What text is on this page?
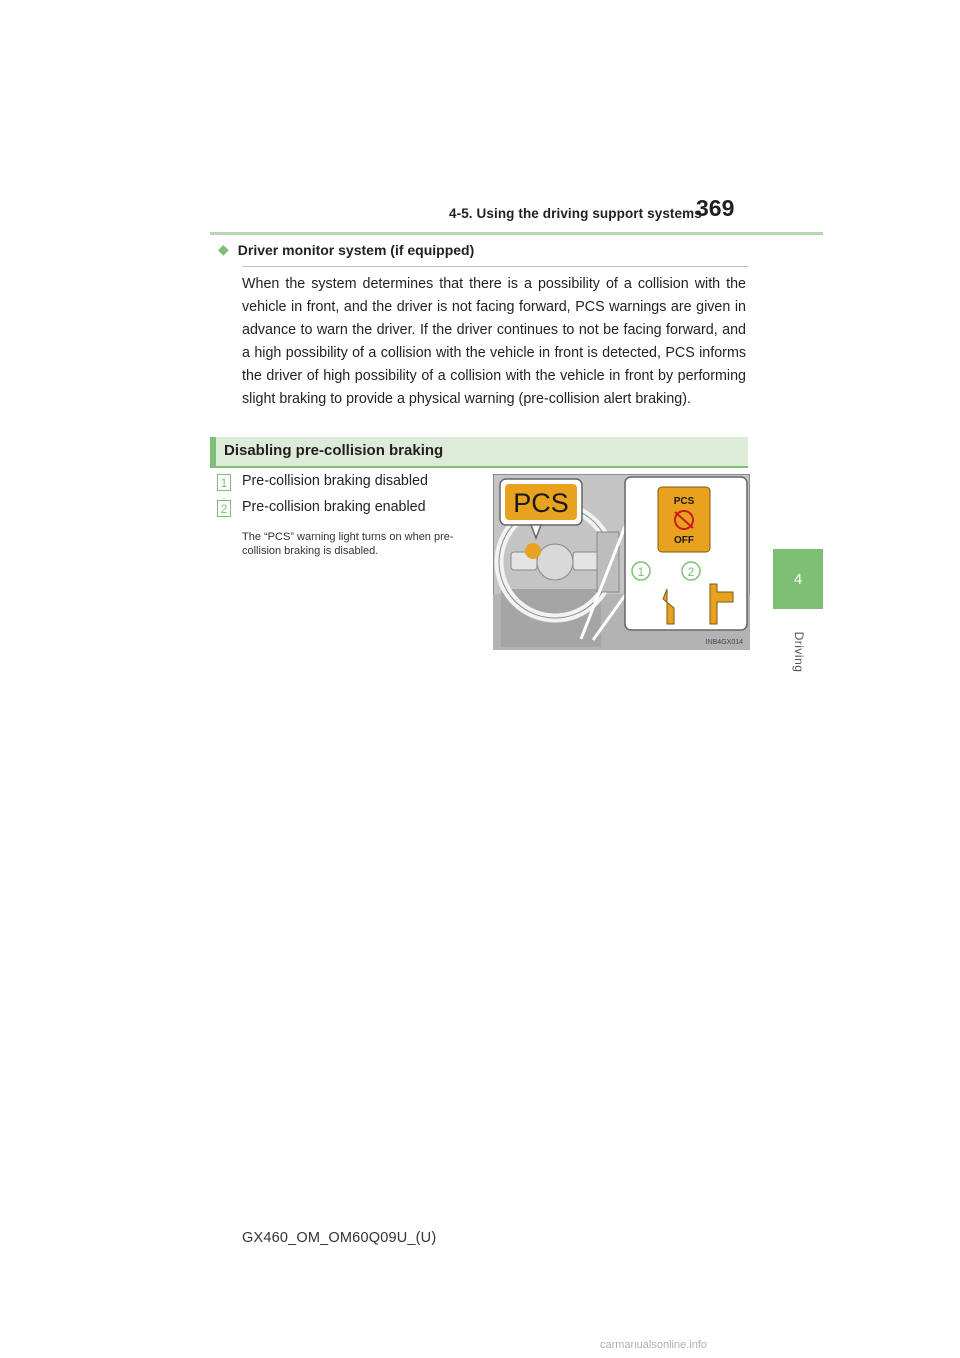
4-5. Using the driving support systems
369
4
Driving
◆ Driver monitor system (if equipped)
When the system determines that there is a possibility of a collision with the vehicle in front, and the driver is not facing forward, PCS warnings are given in advance to warn the driver. If the driver continues to not be facing forward, and a high possibility of a collision with the vehicle in front is detected, PCS informs the driver of high possibility of a collision with the vehicle in front by performing slight braking to provide a physical warning (pre-collision alert braking).
Disabling pre-collision braking
1 Pre-collision braking disabled
2 Pre-collision braking enabled
The “PCS” warning light turns on when pre-collision braking is disabled.
PCS	PCS
OFF
1	2
INB4GX014
GX460_OM_OM60Q09U_(U)
carmanualsonline.info
